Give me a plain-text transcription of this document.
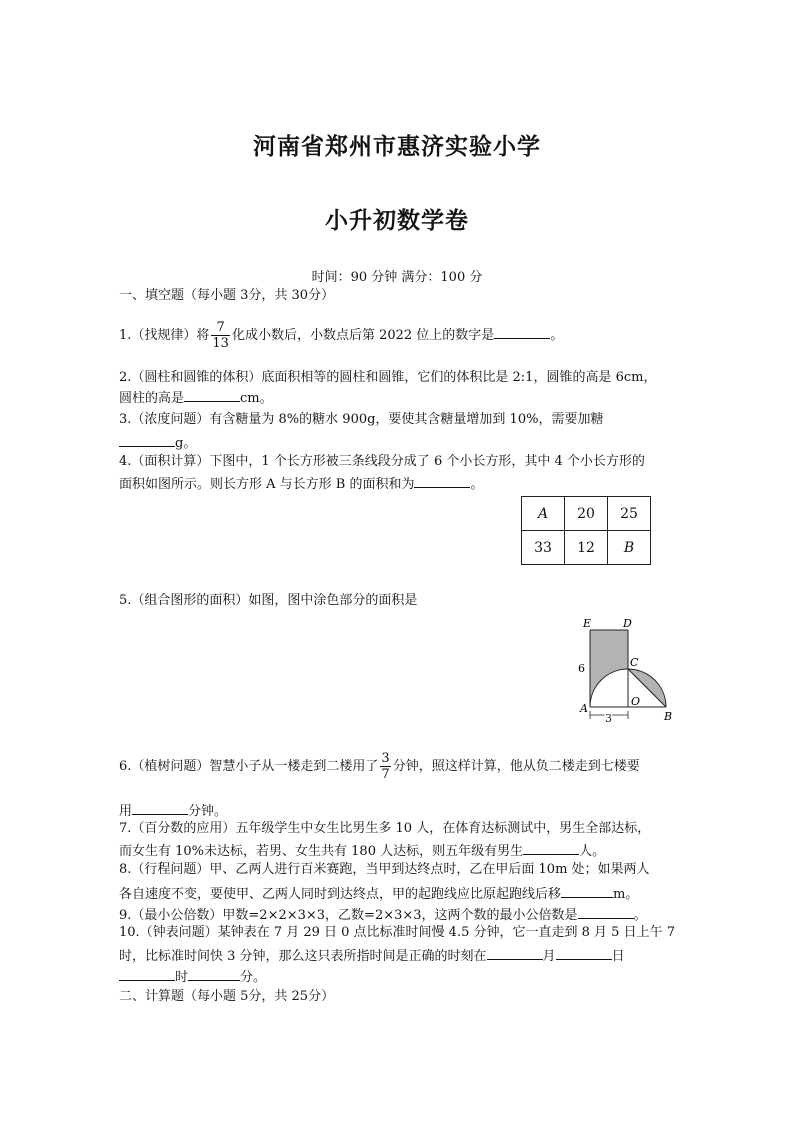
河南省郑州市惠济实验小学
小升初数学卷
时间：90 分钟 满分：100 分
一、填空题（每小题 3分，共 30分）
1.（找规律）将 $\frac{7}{13}$ 化成小数后，小数点后第 2022 位上的数字是	。
2.（圆柱和圆锥的体积）底面积相等的圆柱和圆锥，它们的体积比是 2:1，圆锥的高是 6cm，
圆柱的高是	cm。
3.（浓度问题）有含糖量为 8%的糖水 900g，要使其含糖量增加到 10%，需要加糖
g。
4.（面积计算）下图中，1 个长方形被三条线段分成了 6 个小长方形，其中 4 个小长方形的
面积如图所示。则长方形 A 与长方形 B 的面积和为	。
A	20	25
33	12	B
5.（组合图形的面积）如图，图中涂色部分的面积是
E	D
C
A
O
B
6
3
6.（植树问题）智慧小子从一楼走到二楼用了 $\frac{3}{7}$ 分钟，照这样计算，他从负二楼走到七楼要
用	分钟。
7.（百分数的应用）五年级学生中女生比男生多 10 人，在体育达标测试中，男生全部达标，
而女生有 10%未达标，若男、女生共有 180 人达标，则五年级有男生	人。
8.（行程问题）甲、乙两人进行百米赛跑，当甲到达终点时，乙在甲后面 10m 处；如果两人
各自速度不变，要使甲、乙两人同时到达终点，甲的起跑线应比原起跑线后移	m。
9.（最小公倍数）甲数=2×2×3×3，乙数=2×3×3，这两个数的最小公倍数是	。
10.（钟表问题）某钟表在 7 月 29 日 0 点比标准时间慢 4.5 分钟，它一直走到 8 月 5 日上午 7
时，比标准时间快 3 分钟，那么这只表所指时间是正确的时刻在	月	日
时	分。
二、计算题（每小题 5分，共 25分）
